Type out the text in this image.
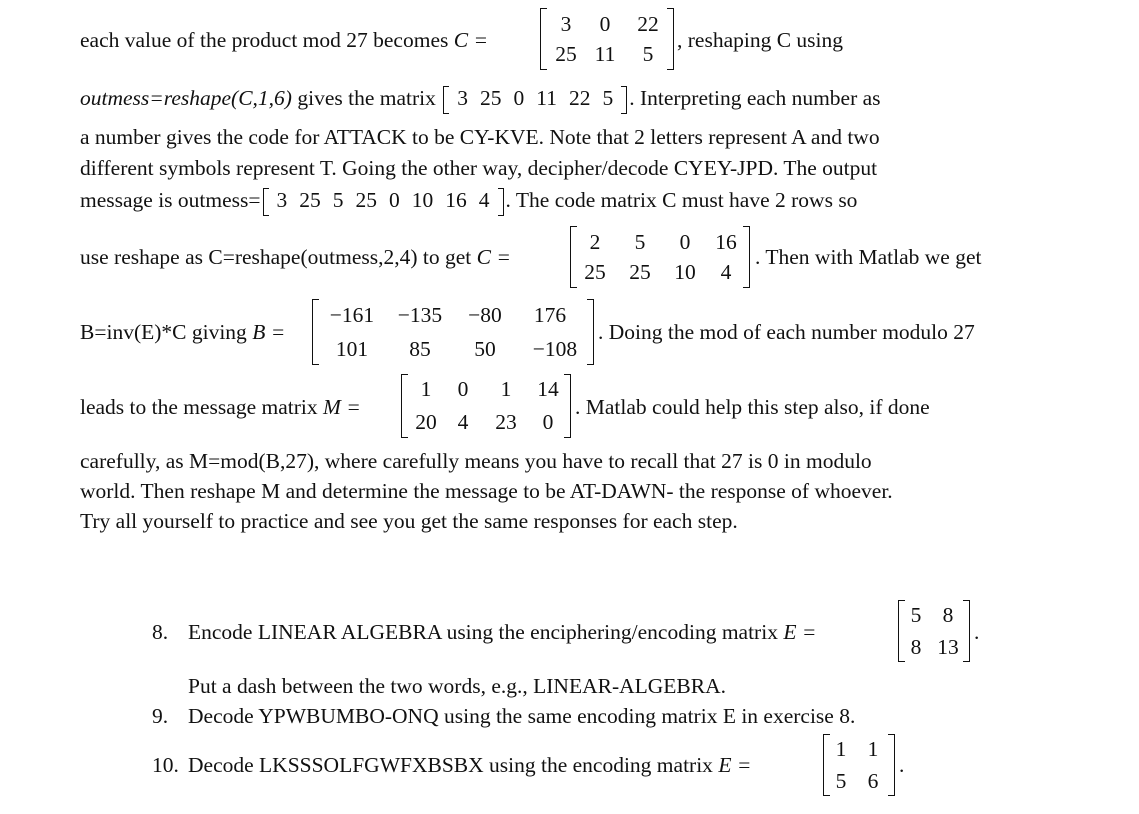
each value of the product mod 27 becomes C =
3	0	22
25 11	5
, reshaping C using
outmess=reshape(C,1,6) gives the matrix 3 25 0 11 22 5 . Interpreting each number as
a number gives the code for ATTACK to be CY-KVE. Note that 2 letters represent A and two
different symbols represent T. Going the other way, decipher/decode CYEY-JPD. The output
message is outmess= 3 25 5 25 0 10 16 4 . The code matrix C must have 2 rows so
use reshape as C=reshape(outmess,2,4) to get C =
2	5	0	16
25	25	10	4
. Then with Matlab we get
B=inv(E)*C giving B =
−161 −135	−80	176
101	85	50	−108
. Doing the mod of each number modulo 27
leads to the message matrix M =
1	0	1	14
20 4	23	0
. Matlab could help this step also, if done
carefully, as M=mod(B,27), where carefully means you have to recall that 27 is 0 in modulo
world. Then reshape M and determine the message to be AT-DAWN- the response of whoever.
Try all yourself to practice and see you get the same responses for each step.
8. Encode LINEAR ALGEBRA using the enciphering/encoding matrix E =
5 8
8 13
.
Put a dash between the two words, e.g., LINEAR-ALGEBRA.
9. Decode YPWBUMBO-ONQ using the same encoding matrix E in exercise 8.
10. Decode LKSSSOLFGWFXBSBX using the encoding matrix E =
1 1
5 6
.
